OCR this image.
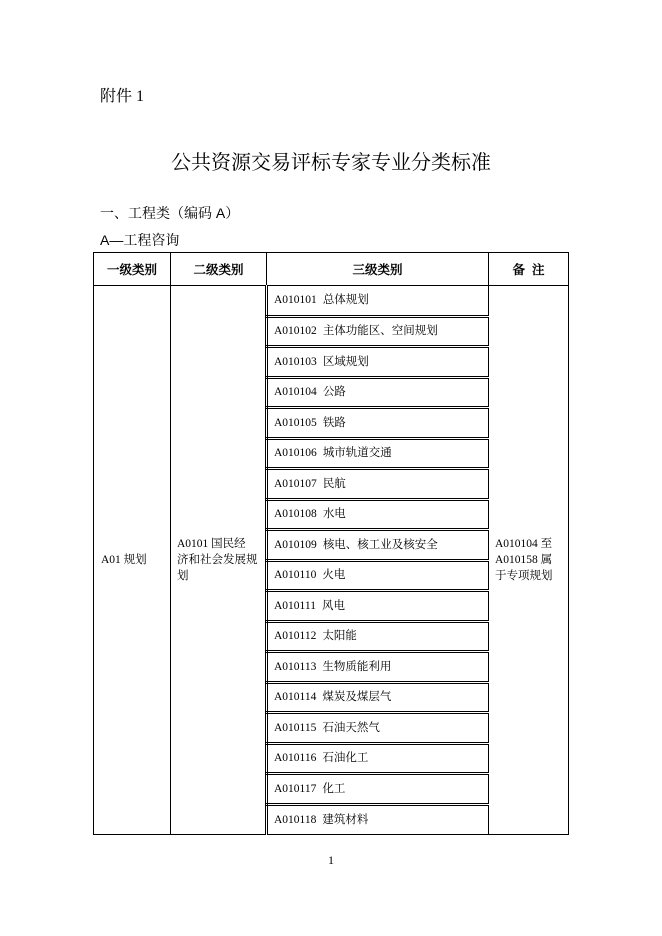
附件 1
公共资源交易评标专家专业分类标准
一、工程类（编码 A）
A—工程咨询
一级类别	二级类别	三级类别	备  注
A01 规划	A0101 国民经
济和社会发展规
划	A010101 总体规划	A010104 至
A010158 属
于专项规划

		A010102 主体功能区、空间规划	
		A010103 区域规划	
		A010104 公路	
		A010105 铁路	
		A010106 城市轨道交通	
		A010107 民航	
		A010108 水电	
		A010109 核电、核工业及核安全	
		A010110 火电	
		A010111 风电	
		A010112 太阳能	
		A010113 生物质能利用	
		A010114 煤炭及煤层气	
		A010115 石油天然气	
		A010116 石油化工	
		A010117 化工	
		A010118 建筑材料	
1
